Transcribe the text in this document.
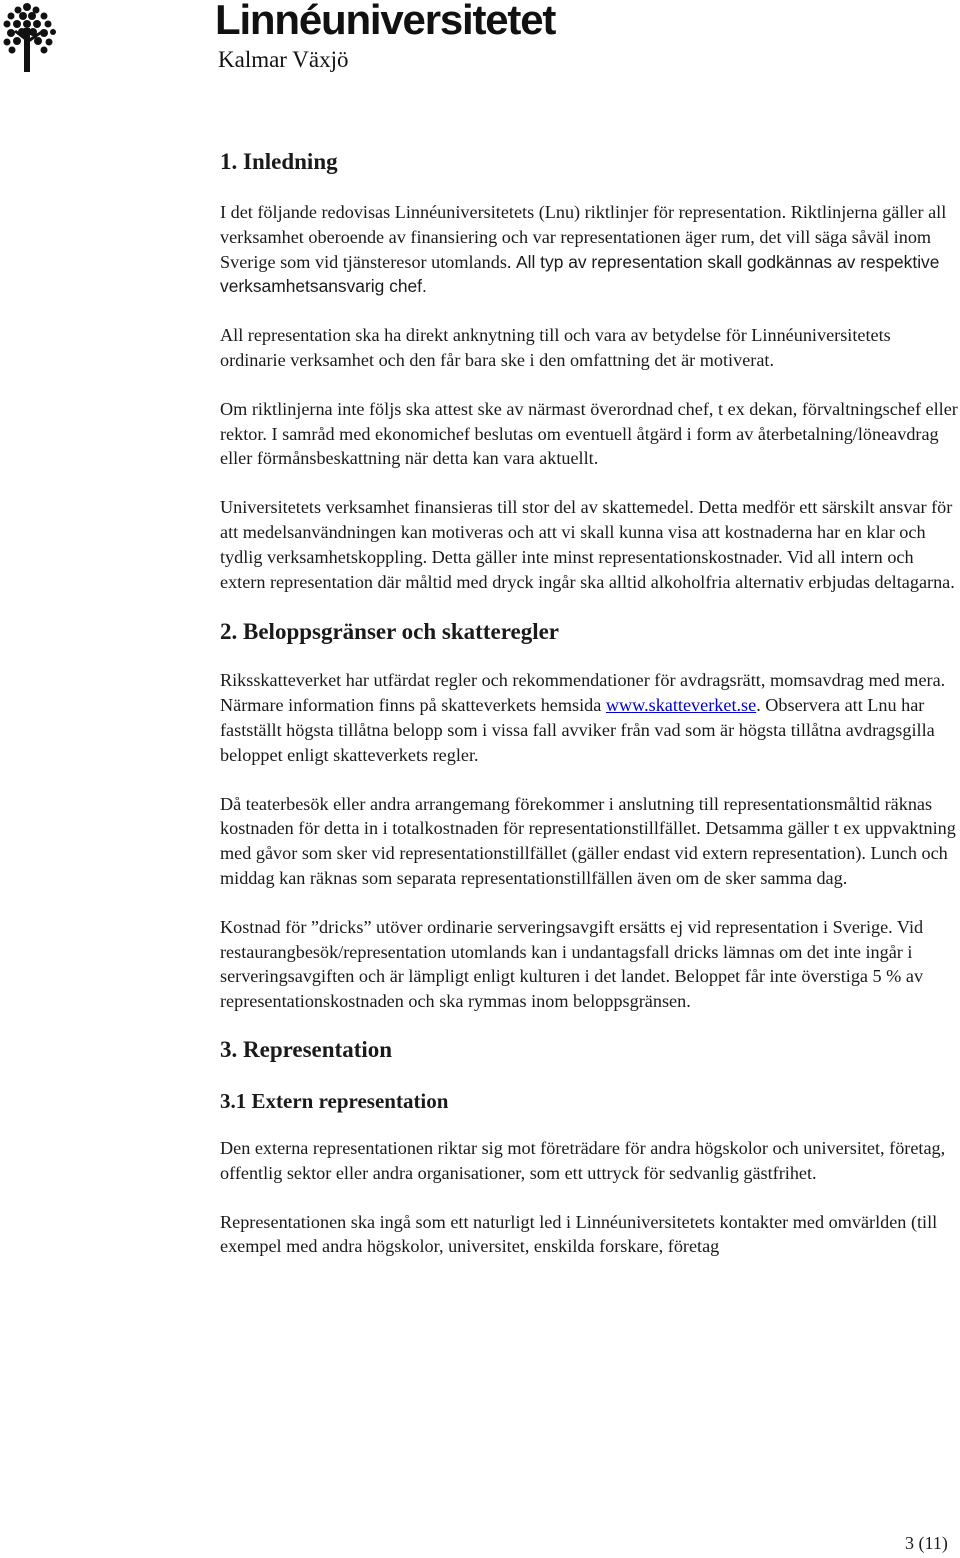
Linnéuniversitetet
Kalmar Växjö
1. Inledning

I det följande redovisas Linnéuniversitetets (Lnu) riktlinjer för representation. Riktlinjerna gäller all verksamhet oberoende av finansiering och var representationen äger rum, det vill säga såväl inom Sverige som vid tjänsteresor utomlands. All typ av representation skall godkännas av respektive verksamhetsansvarig chef.

All representation ska ha direkt anknytning till och vara av betydelse för Linnéuniversitetets ordinarie verksamhet och den får bara ske i den omfattning det är motiverat.

Om riktlinjerna inte följs ska attest ske av närmast överordnad chef, t ex dekan, förvaltningschef eller rektor. I samråd med ekonomichef beslutas om eventuell åtgärd i form av återbetalning/löneavdrag eller förmånsbeskattning när detta kan vara aktuellt.

Universitetets verksamhet finansieras till stor del av skattemedel. Detta medför ett särskilt ansvar för att medelsanvändningen kan motiveras och att vi skall kunna visa att kostnaderna har en klar och tydlig verksamhetskoppling. Detta gäller inte minst representationskostnader. Vid all intern och extern representation där måltid med dryck ingår ska alltid alkoholfria alternativ erbjudas deltagarna.

2. Beloppsgränser och skatteregler

Riksskatteverket har utfärdat regler och rekommendationer för avdragsrätt, momsavdrag med mera. Närmare information finns på skatteverkets hemsida www.skatteverket.se. Observera att Lnu har fastställt högsta tillåtna belopp som i vissa fall avviker från vad som är högsta tillåtna avdragsgilla beloppet enligt skatteverkets regler.

Då teaterbesök eller andra arrangemang förekommer i anslutning till representationsmåltid räknas kostnaden för detta in i totalkostnaden för representationstillfället. Detsamma gäller t ex uppvaktning med gåvor som sker vid representationstillfället (gäller endast vid extern representation). Lunch och middag kan räknas som separata representationstillfällen även om de sker samma dag.

Kostnad för ”dricks” utöver ordinarie serveringsavgift ersätts ej vid representation i Sverige. Vid restaurangbesök/representation utomlands kan i undantagsfall dricks lämnas om det inte ingår i serveringsavgiften och är lämpligt enligt kulturen i det landet. Beloppet får inte överstiga 5 % av representationskostnaden och ska rymmas inom beloppsgränsen.

3. Representation
3.1 Extern representation

Den externa representationen riktar sig mot företrädare för andra högskolor och universitet, företag, offentlig sektor eller andra organisationer, som ett uttryck för sedvanlig gästfrihet.

Representationen ska ingå som ett naturligt led i Linnéuniversitetets kontakter med omvärlden (till exempel med andra högskolor, universitet, enskilda forskare, företag

3 (11)
